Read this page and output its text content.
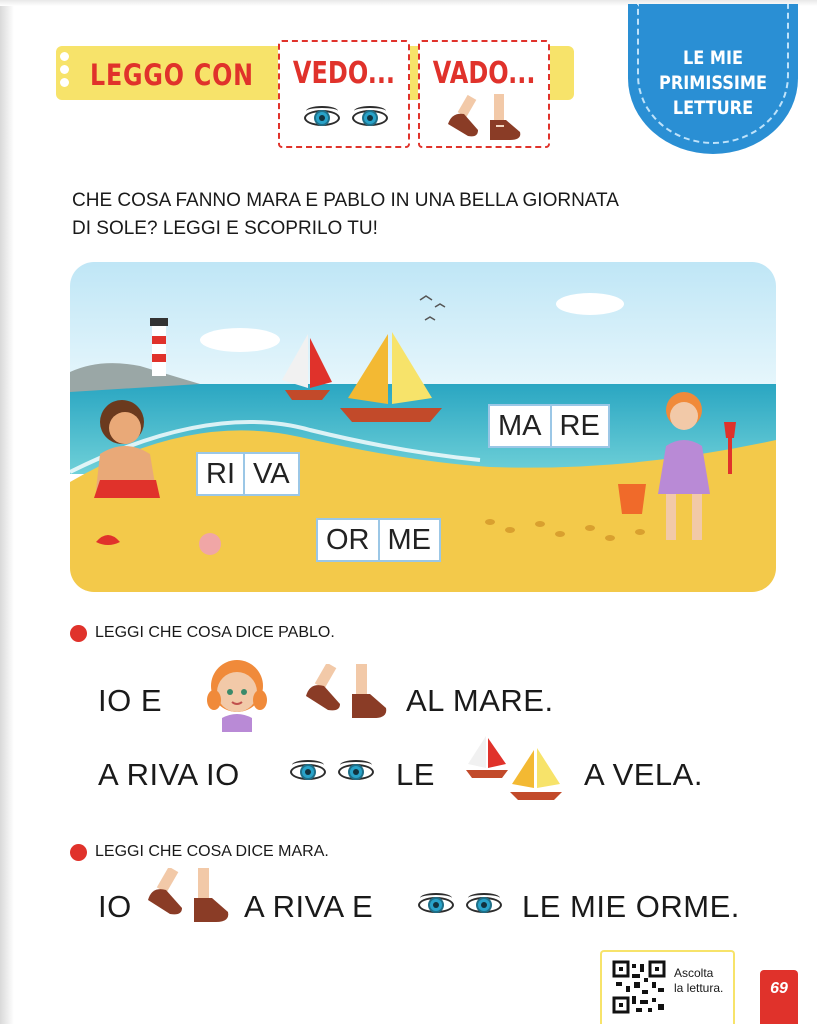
LEGGO CON VEDO... VADO...	LE MIE
PRIMISSIME
LETTURE
CHE COSA FANNO MARA E PABLO IN UNA BELLA GIORNATA
DI SOLE? LEGGI E SCOPRILO TU!
MA RE
RI VA
OR ME
LEGGI CHE COSA DICE PABLO.
IO E	AL MARE.
A RIVA IO	LE	A VELA.
LEGGI CHE COSA DICE MARA.
IO	A RIVA E	LE MIE ORME.
Ascolta
la lettura.	69
